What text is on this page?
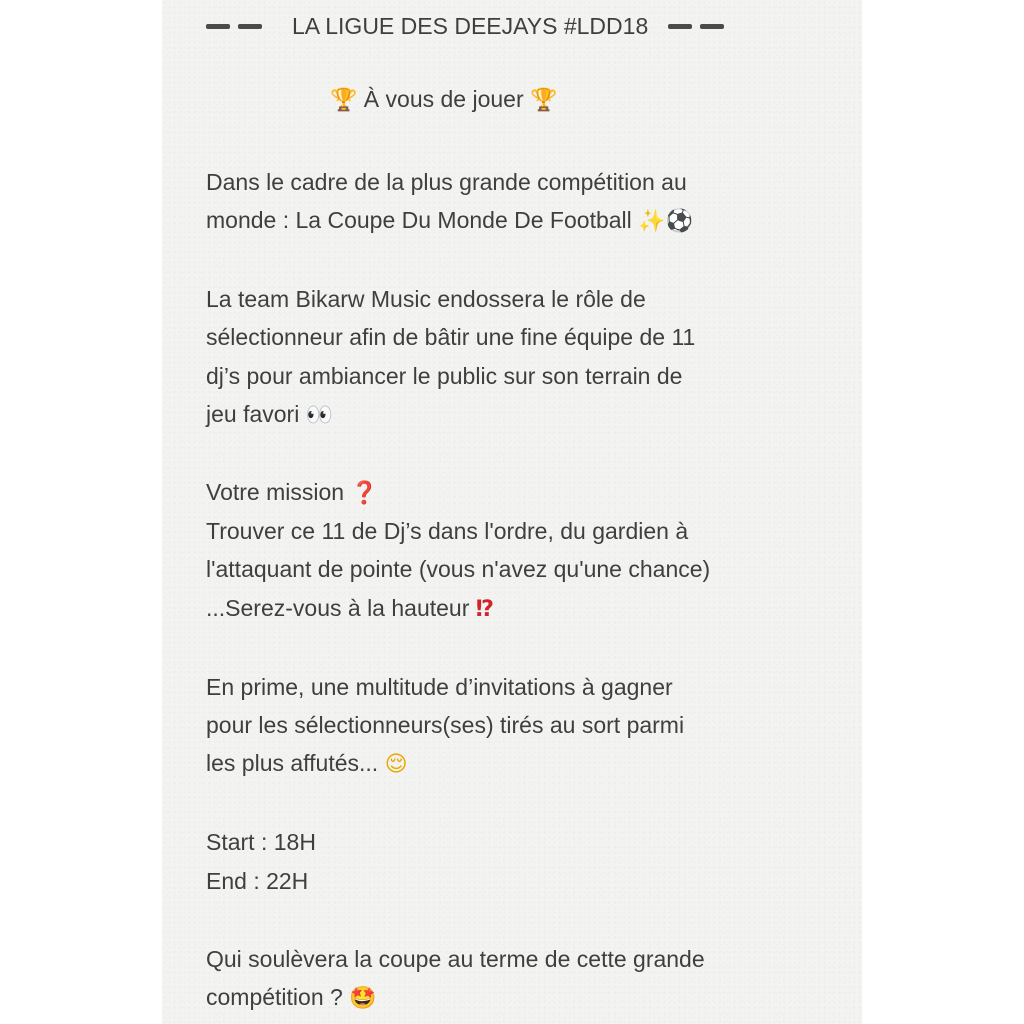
LA LIGUE DES DEEJAYS #LDD18
🏆 À vous de jouer 🏆
Dans le cadre de la plus grande compétition au
monde : La Coupe Du Monde De Football ✨⚽
La team Bikarw Music endossera le rôle de
sélectionneur afin de bâtir une fine équipe de 11
dj’s pour ambiancer le public sur son terrain de
jeu favori 👀
Votre mission ❓
Trouver ce 11 de Dj’s dans l'ordre, du gardien à
l'attaquant de pointe (vous n'avez qu'une chance)
...Serez-vous à la hauteur ⁉
En prime, une multitude d’invitations à gagner
pour les sélectionneurs(ses) tirés au sort parmi
les plus affutés... 😌
Start : 18H
End : 22H
Qui soulèvera la coupe au terme de cette grande
compétition ? 🤩
